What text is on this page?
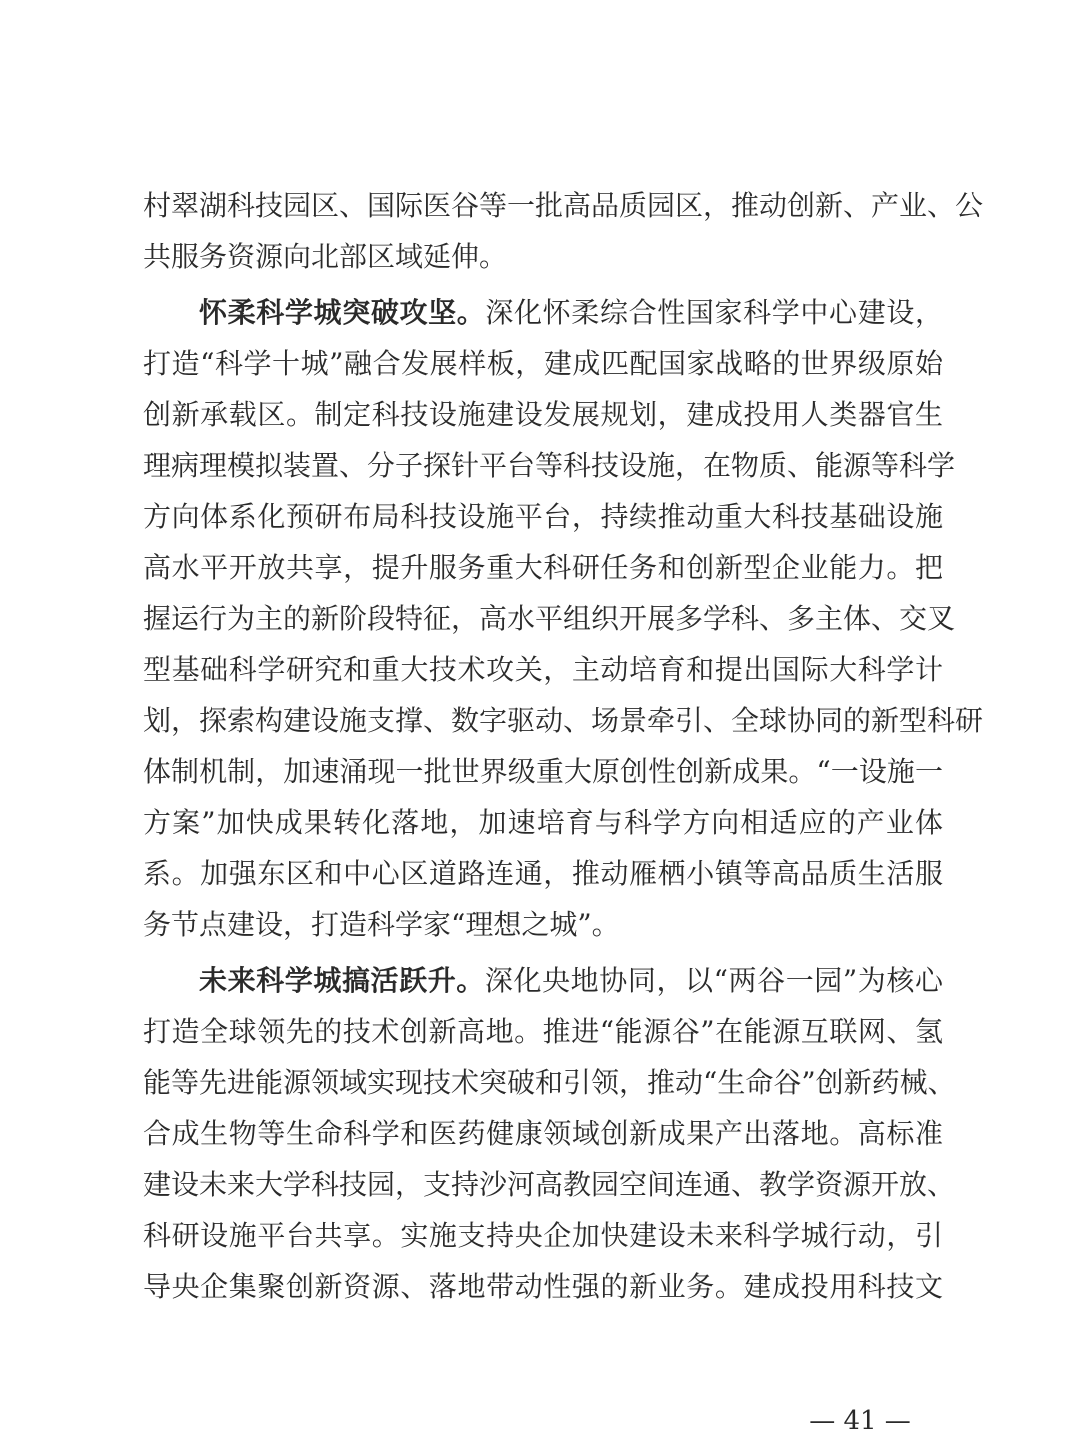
村翠湖科技园区、国际医谷等一批高品质园区，推动创新、产业、公
共服务资源向北部区域延伸。
怀柔科学城突破攻坚。深化怀柔综合性国家科学中心建设，
打造“科学十城”融合发展样板，建成匹配国家战略的世界级原始
创新承载区。制定科技设施建设发展规划，建成投用人类器官生
理病理模拟装置、分子探针平台等科技设施，在物质、能源等科学
方向体系化预研布局科技设施平台，持续推动重大科技基础设施
高水平开放共享，提升服务重大科研任务和创新型企业能力。把
握运行为主的新阶段特征，高水平组织开展多学科、多主体、交叉
型基础科学研究和重大技术攻关，主动培育和提出国际大科学计
划，探索构建设施支撑、数字驱动、场景牵引、全球协同的新型科研
体制机制，加速涌现一批世界级重大原创性创新成果。“一设施一
方案”加快成果转化落地，加速培育与科学方向相适应的产业体
系。加强东区和中心区道路连通，推动雁栖小镇等高品质生活服
务节点建设，打造科学家“理想之城”。
未来科学城搞活跃升。深化央地协同，以“两谷一园”为核心
打造全球领先的技术创新高地。推进“能源谷”在能源互联网、氢
能等先进能源领域实现技术突破和引领，推动“生命谷”创新药械、
合成生物等生命科学和医药健康领域创新成果产出落地。高标准
建设未来大学科技园，支持沙河高教园空间连通、教学资源开放、
科研设施平台共享。实施支持央企加快建设未来科学城行动，引
导央企集聚创新资源、落地带动性强的新业务。建成投用科技文
— 41 —
